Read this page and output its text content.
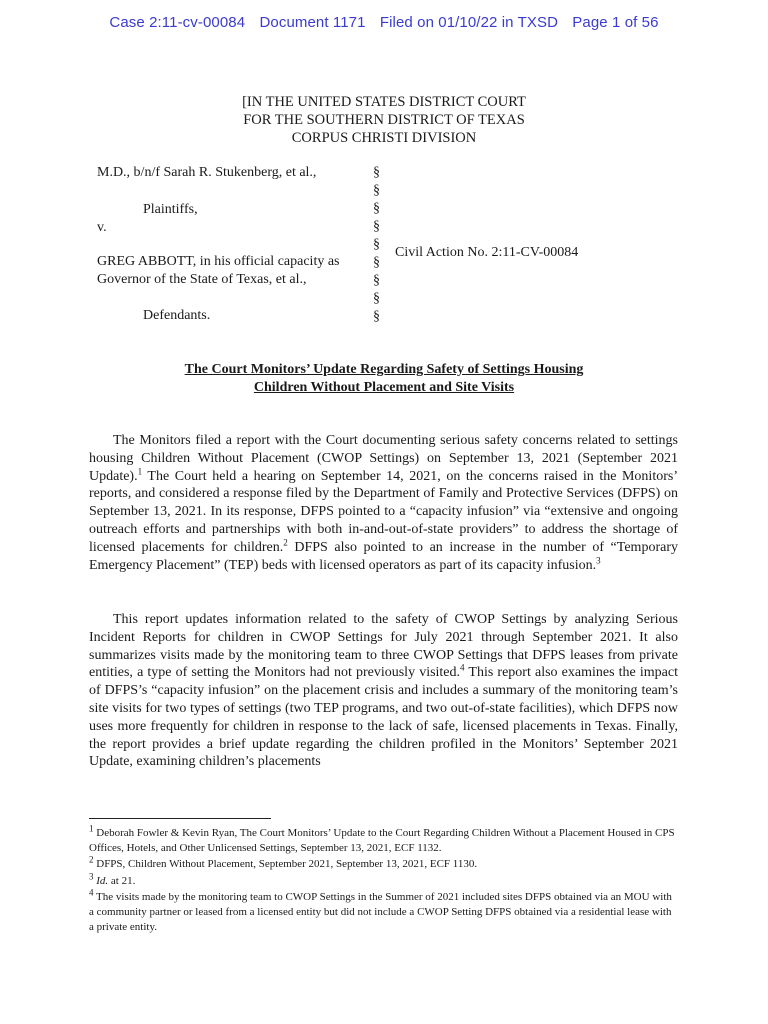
Case 2:11-cv-00084 Document 1171 Filed on 01/10/22 in TXSD Page 1 of 56
[IN THE UNITED STATES DISTRICT COURT
FOR THE SOUTHERN DISTRICT OF TEXAS
CORPUS CHRISTI DIVISION
M.D., b/n/f Sarah R. Stukenberg, et al.,
Plaintiffs,
v.
GREG ABBOTT, in his official capacity as
Governor of the State of Texas, et al.,
Defendants.
§
§
§
§
§
§
§
§
§
Civil Action No. 2:11-CV-00084
The Court Monitors’ Update Regarding Safety of Settings Housing
Children Without Placement and Site Visits

The Monitors filed a report with the Court documenting serious safety concerns related to settings housing Children Without Placement (CWOP Settings) on September 13, 2021 (September 2021 Update).$^1$ The Court held a hearing on September 14, 2021, on the concerns raised in the Monitors’ reports, and considered a response filed by the Department of Family and Protective Services (DFPS) on September 13, 2021. In its response, DFPS pointed to a “capacity infusion” via “extensive and ongoing outreach efforts and partnerships with both in-and-out-of-state providers” to address the shortage of licensed placements for children.$^2$ DFPS also pointed to an increase in the number of “Temporary Emergency Placement” (TEP) beds with licensed operators as part of its capacity infusion.$^3$

This report updates information related to the safety of CWOP Settings by analyzing Serious Incident Reports for children in CWOP Settings for July 2021 through September 2021. It also summarizes visits made by the monitoring team to three CWOP Settings that DFPS leases from private entities, a type of setting the Monitors had not previously visited.$^4$ This report also examines the impact of DFPS’s “capacity infusion” on the placement crisis and includes a summary of the monitoring team’s site visits for two types of settings (two TEP programs, and two out-of-state facilities), which DFPS now uses more frequently for children in response to the lack of safe, licensed placements in Texas. Finally, the report provides a brief update regarding the children profiled in the Monitors’ September 2021 Update, examining children’s placements

$^1$ Deborah Fowler & Kevin Ryan, The Court Monitors’ Update to the Court Regarding Children Without a Placement Housed in CPS Offices, Hotels, and Other Unlicensed Settings, September 13, 2021, ECF 1132.
$^2$ DFPS, Children Without Placement, September 2021, September 13, 2021, ECF 1130.
$^3$ Id. at 21.
$^4$ The visits made by the monitoring team to CWOP Settings in the Summer of 2021 included sites DFPS obtained via an MOU with a community partner or leased from a licensed entity but did not include a CWOP Setting DFPS obtained via a residential lease with a private entity.
